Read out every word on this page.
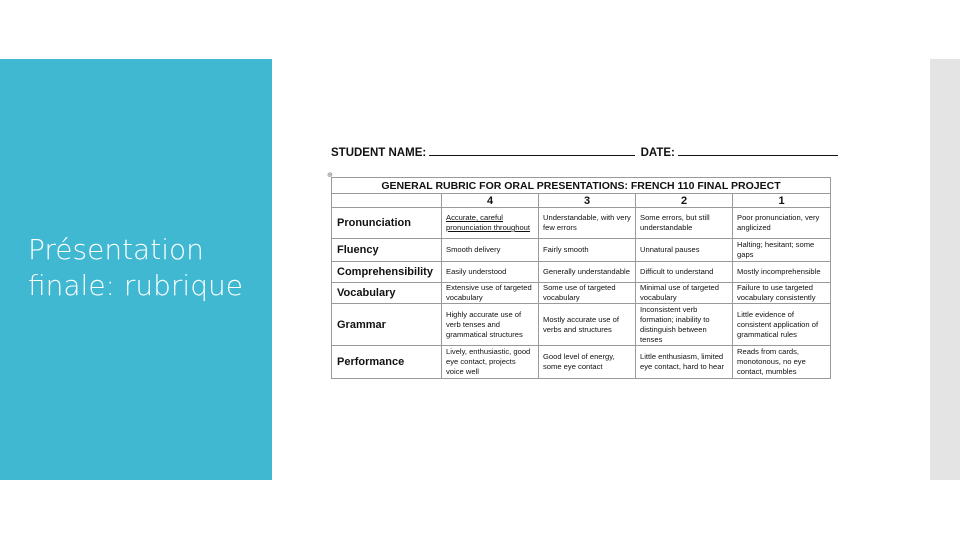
Présentation finale: rubrique
STUDENT NAME:	DATE:
⊕
GENERAL RUBRIC FOR ORAL PRESENTATIONS: FRENCH 110 FINAL PROJECT				
	4	3	2	1
Pronunciation	Accurate, careful pronunciation throughout	Understandable, with very few errors	Some errors, but still understandable	Poor pronunciation, very anglicized
Fluency	Smooth delivery	Fairly smooth	Unnatural pauses	Halting; hesitant; some gaps
Comprehensibility	Easily understood	Generally understandable	Difficult to understand	Mostly incomprehensible
Vocabulary	Extensive use of targeted vocabulary	Some use of targeted vocabulary	Minimal use of targeted vocabulary	Failure to use targeted vocabulary consistently
Grammar	Highly accurate use of verb tenses and grammatical structures	Mostly accurate use of verbs and structures	Inconsistent verb formation; inability to distinguish between tenses	Little evidence of consistent application of grammatical rules
Performance	Lively, enthusiastic, good eye contact, projects voice well	Good level of energy, some eye contact	Little enthusiasm, limited eye contact, hard to hear	Reads from cards, monotonous, no eye contact, mumbles
